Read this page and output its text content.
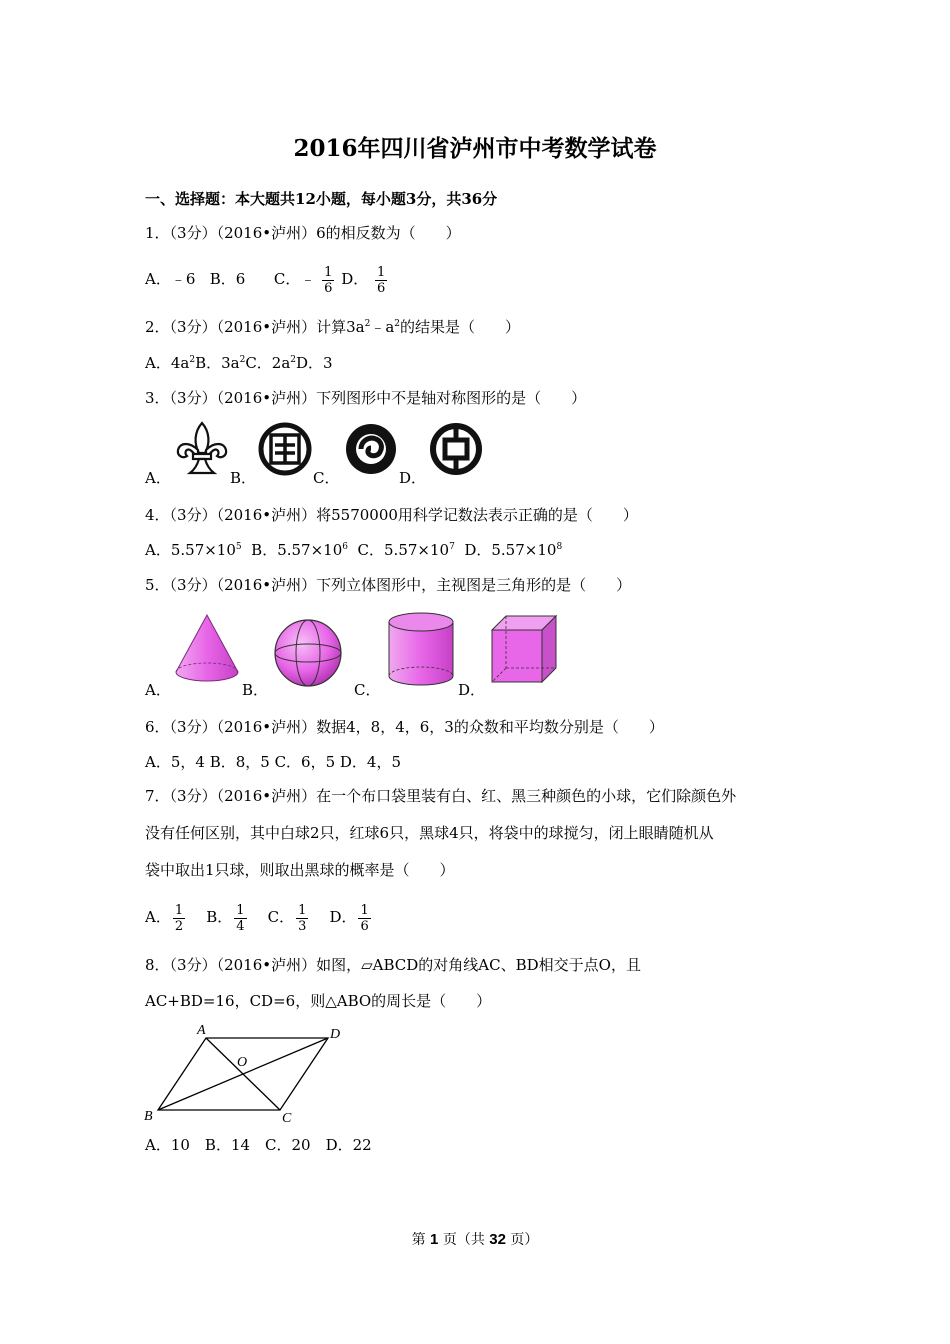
2016年四川省泸州市中考数学试卷
一、选择题：本大题共12小题，每小题3分，共36分
1．（3分）（2016•泸州）6的相反数为（　　）
A．﹣6 B．6 C．﹣ $\frac{1}{6}$ D． $\frac{1}{6}$
2．（3分）（2016•泸州）计算$3a^2﹣a^2$的结果是（　　）
A．$4a^2B$．$3a^2C$．$2a^2D$．3
3．（3分）（2016•泸州）下列图形中不是轴对称图形的是（　　）
A．	B．	C．	D．
4．（3分）（2016•泸州）将5570000用科学记数法表示正确的是（　　）
A．$5.57\times 10^5$ B．$5.57\times 10^6$ C．$5.57\times 10^7$ D．$5.57\times 10^8$
5．（3分）（2016•泸州）下列立体图形中，主视图是三角形的是（　　）
A．	B．	C．	D．
6．（3分）（2016•泸州）数据4，8，4，6，3的众数和平均数分别是（　　）
A．5，4 B．8，5 C．6，5 D．4，5
7．（3分）（2016•泸州）在一个布口袋里装有白、红、黑三种颜色的小球，它们除颜色外
没有任何区别，其中白球2只，红球6只，黑球4只，将袋中的球搅匀，闭上眼睛随机从
袋中取出1只球，则取出黑球的概率是（　　）
A． $\frac{1}{2}$ B． $\frac{1}{4}$ C． $\frac{1}{3}$ D． $\frac{1}{6}$
8．（3分）（2016•泸州）如图，▱ABCD的对角线AC、BD相交于点O，且
AC+BD=16，CD=6，则△ABO的周长是（　　）
A	D
B	C
O
A．10　B．14　C．20　D．22
第 1 页（共 32 页）
